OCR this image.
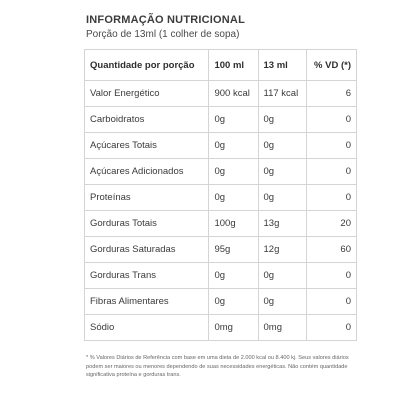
INFORMAÇÃO NUTRICIONAL
Porção de 13ml (1 colher de sopa)
Quantidade por porção	100 ml	13 ml	% VD (*)
Valor Energético	900 kcal	117 kcal	6
Carboidratos	0g	0g	0
Açúcares Totais	0g	0g	0
Açúcares Adicionados	0g	0g	0
Proteínas	0g	0g	0
Gorduras Totais	100g	13g	20
Gorduras Saturadas	95g	12g	60
Gorduras Trans	0g	0g	0
Fibras Alimentares	0g	0g	0
Sódio	0mg	0mg	0
* % Valores Diários de Referência com base em uma dieta de 2.000 kcal ou 8.400 kj. Seus valores diários podem ser maiores ou menores dependendo de suas necessidades energéticas. Não contém quantidade significativa proteína e gorduras trans.
